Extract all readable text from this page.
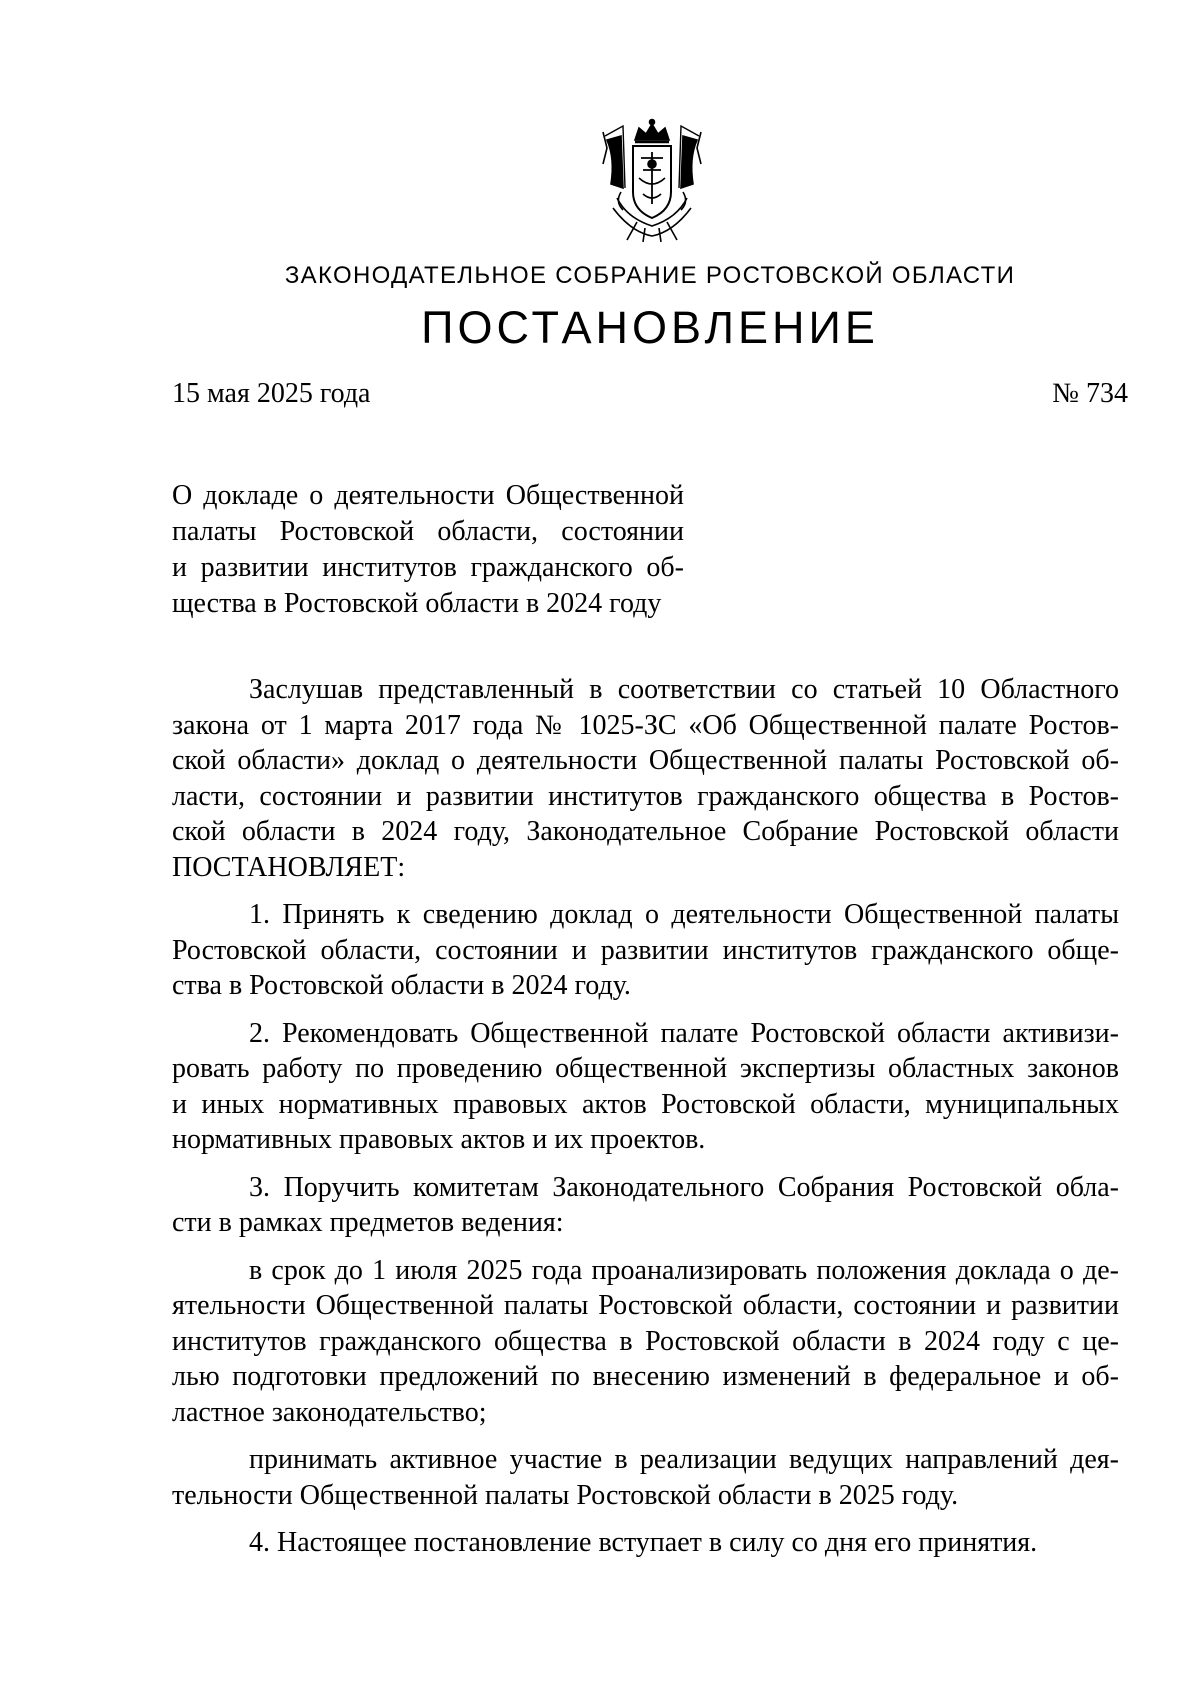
ЗАКОНОДАТЕЛЬНОЕ СОБРАНИЕ РОСТОВСКОЙ ОБЛАСТИ
ПОСТАНОВЛЕНИЕ
15 мая 2025 года	№ 734
О докладе о деятельности Общественной
палаты Ростовской области, состоянии
и развитии институтов гражданского об-
щества в Ростовской области в 2024 году
Заслушав представленный в соответствии со статьей 10 Областного
закона от 1 марта 2017 года № 1025-ЗС «Об Общественной палате Ростов-
ской области» доклад о деятельности Общественной палаты Ростовской об-
ласти, состоянии и развитии институтов гражданского общества в Ростов-
ской области в 2024 году, Законодательное Собрание Ростовской области
ПОСТАНОВЛЯЕТ:
1. Принять к сведению доклад о деятельности Общественной палаты
Ростовской области, состоянии и развитии институтов гражданского обще-
ства в Ростовской области в 2024 году.
2. Рекомендовать Общественной палате Ростовской области активизи-
ровать работу по проведению общественной экспертизы областных законов
и иных нормативных правовых актов Ростовской области, муниципальных
нормативных правовых актов и их проектов.
3. Поручить комитетам Законодательного Собрания Ростовской обла-
сти в рамках предметов ведения:
в срок до 1 июля 2025 года проанализировать положения доклада о де-
ятельности Общественной палаты Ростовской области, состоянии и развитии
институтов гражданского общества в Ростовской области в 2024 году с це-
лью подготовки предложений по внесению изменений в федеральное и об-
ластное законодательство;
принимать активное участие в реализации ведущих направлений дея-
тельности Общественной палаты Ростовской области в 2025 году.
4. Настоящее постановление вступает в силу со дня его принятия.
